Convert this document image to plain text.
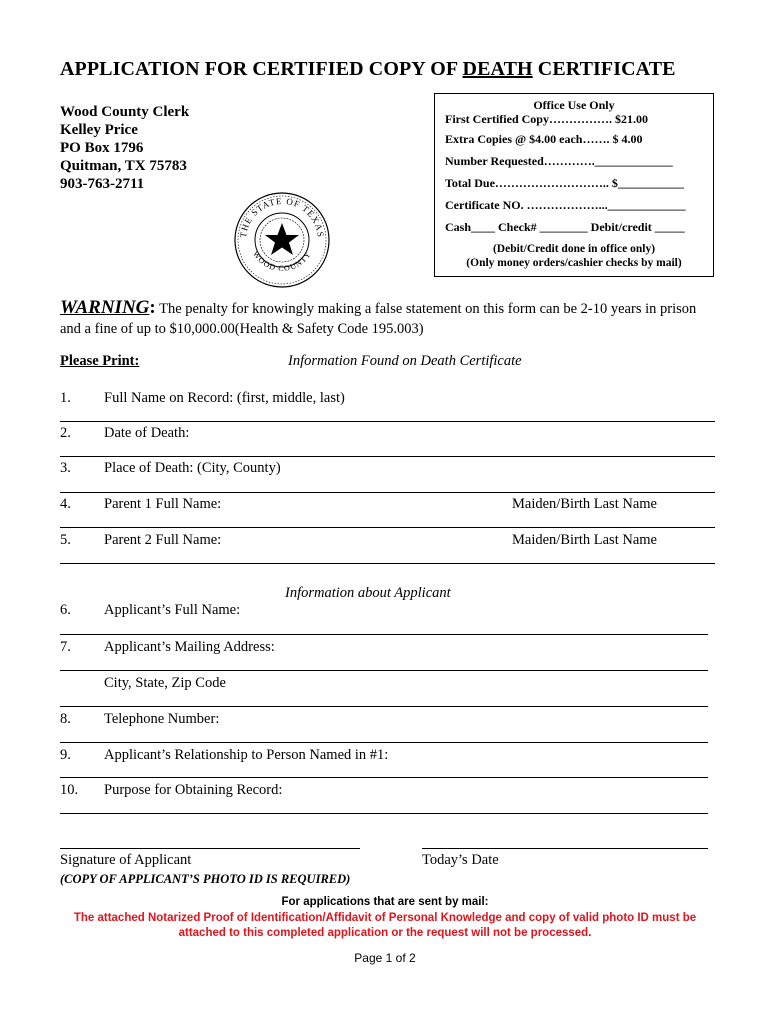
APPLICATION FOR CERTIFIED COPY OF DEATH CERTIFICATE
Wood County Clerk
Kelley Price
PO Box 1796
Quitman, TX 75783
903-763-2711
THE STATE OF TEXAS
WOOD COUNTY
Office Use Only
First Certified Copy……………. $21.00
Extra Copies @ $4.00 each……. $ 4.00
Number Requested…………._____________
Total Due……………………….. $___________
Certificate NO. ………………..._____________
Cash____ Check# ________ Debit/credit _____
(Debit/Credit done in office only)
(Only money orders/cashier checks by mail)
WARNING: The penalty for knowingly making a false statement on this form can be 2-10 years in prison and a fine of up to $10,000.00(Health & Safety Code 195.003)
Please Print:	Information Found on Death Certificate
1. Full Name on Record: (first, middle, last)
2. Date of Death:
3. Place of Death: (City, County)
4. Parent 1 Full Name:	Maiden/Birth Last Name
5. Parent 2 Full Name:	Maiden/Birth Last Name
Information about Applicant
6. Applicant’s Full Name:
7. Applicant’s Mailing Address:
City, State, Zip Code
8. Telephone Number:
9. Applicant’s Relationship to Person Named in #1:
10. Purpose for Obtaining Record:
Signature of Applicant	Today’s Date
(COPY OF APPLICANT’S PHOTO ID IS REQUIRED)
For applications that are sent by mail:
The attached Notarized Proof of Identification/Affidavit of Personal Knowledge and copy of valid photo ID must be attached to this completed application or the request will not be processed.
Page 1 of 2
